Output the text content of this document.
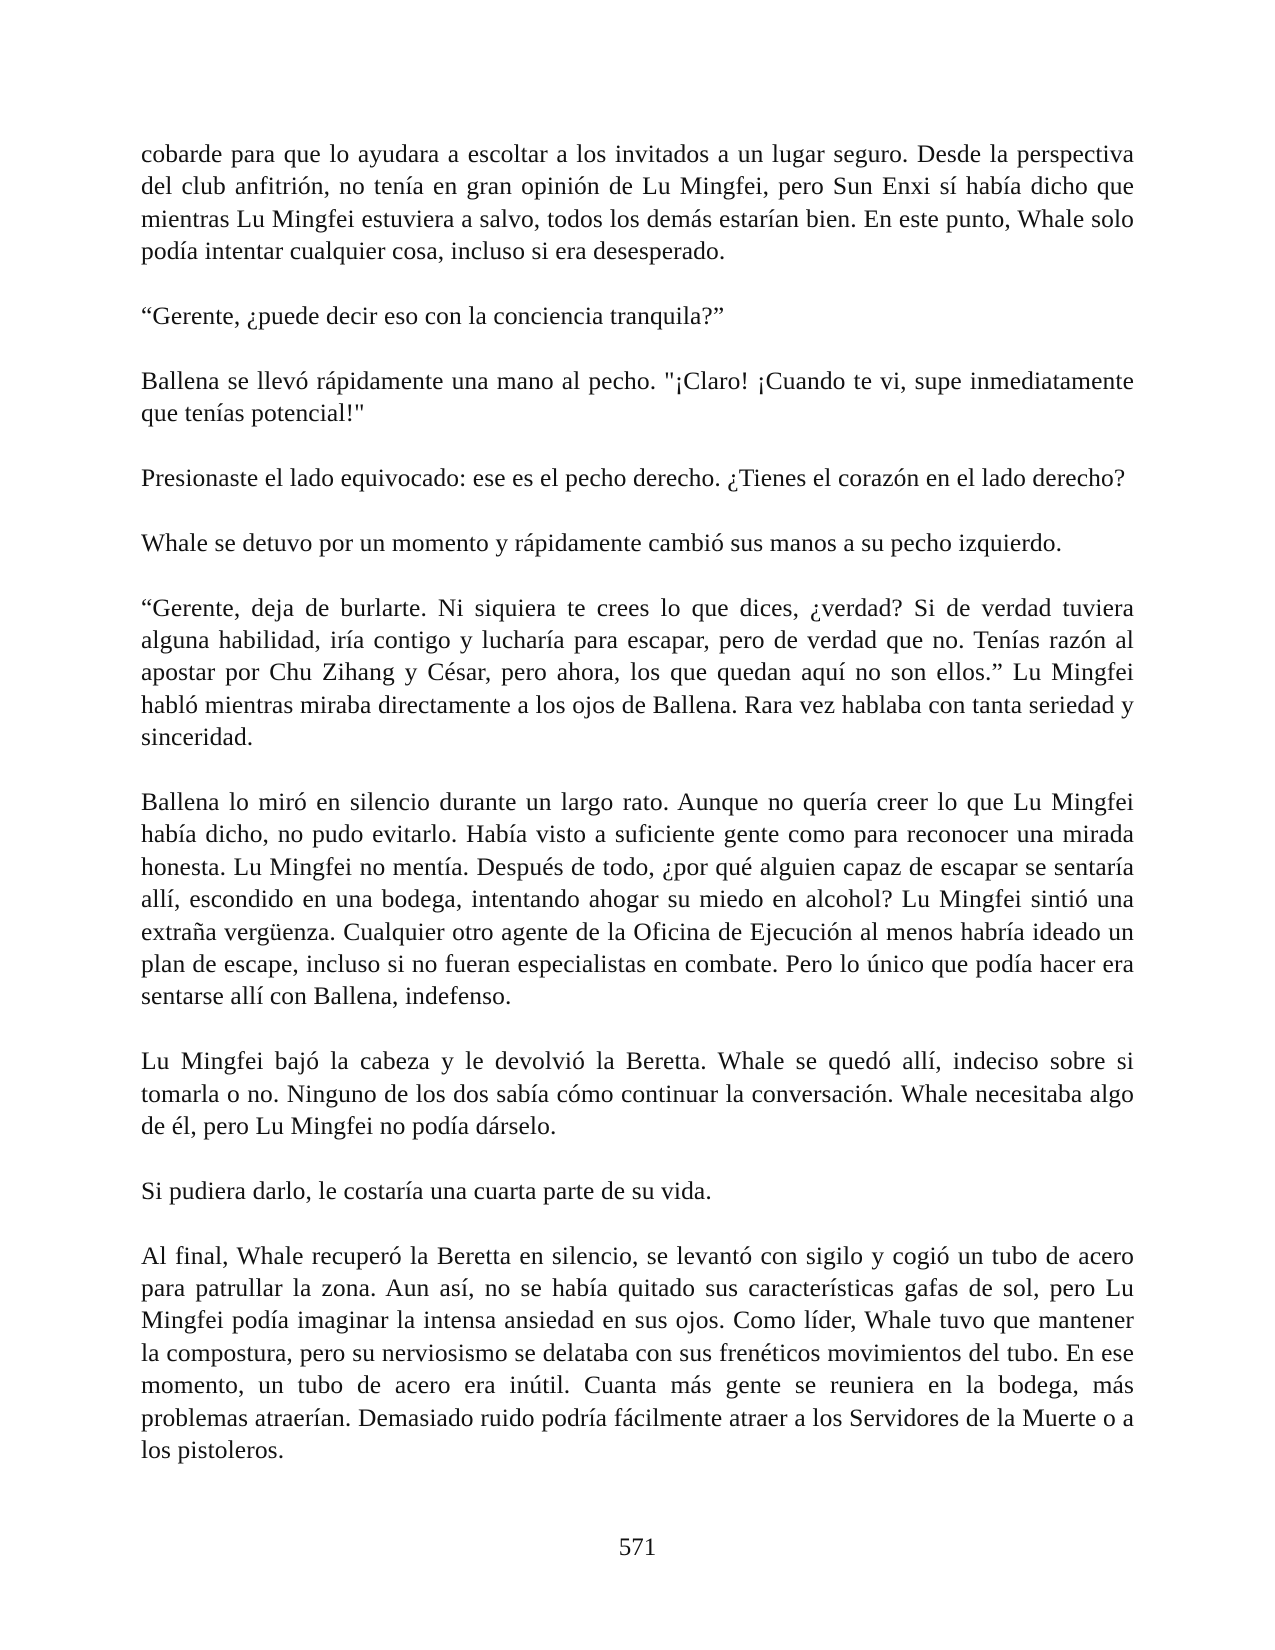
cobarde para que lo ayudara a escoltar a los invitados a un lugar seguro. Desde la perspectiva del club anfitrión, no tenía en gran opinión de Lu Mingfei, pero Sun Enxi sí había dicho que mientras Lu Mingfei estuviera a salvo, todos los demás estarían bien. En este punto, Whale solo podía intentar cualquier cosa, incluso si era desesperado.

“Gerente, ¿puede decir eso con la conciencia tranquila?”

Ballena se llevó rápidamente una mano al pecho. "¡Claro! ¡Cuando te vi, supe inmediatamente que tenías potencial!"

Presionaste el lado equivocado: ese es el pecho derecho. ¿Tienes el corazón en el lado derecho?

Whale se detuvo por un momento y rápidamente cambió sus manos a su pecho izquierdo.

“Gerente, deja de burlarte. Ni siquiera te crees lo que dices, ¿verdad? Si de verdad tuviera alguna habilidad, iría contigo y lucharía para escapar, pero de verdad que no. Tenías razón al apostar por Chu Zihang y César, pero ahora, los que quedan aquí no son ellos.” Lu Mingfei habló mientras miraba directamente a los ojos de Ballena. Rara vez hablaba con tanta seriedad y sinceridad.

Ballena lo miró en silencio durante un largo rato. Aunque no quería creer lo que Lu Mingfei había dicho, no pudo evitarlo. Había visto a suficiente gente como para reconocer una mirada honesta. Lu Mingfei no mentía. Después de todo, ¿por qué alguien capaz de escapar se sentaría allí, escondido en una bodega, intentando ahogar su miedo en alcohol? Lu Mingfei sintió una extraña vergüenza. Cualquier otro agente de la Oficina de Ejecución al menos habría ideado un plan de escape, incluso si no fueran especialistas en combate. Pero lo único que podía hacer era sentarse allí con Ballena, indefenso.

Lu Mingfei bajó la cabeza y le devolvió la Beretta. Whale se quedó allí, indeciso sobre si tomarla o no. Ninguno de los dos sabía cómo continuar la conversación. Whale necesitaba algo de él, pero Lu Mingfei no podía dárselo.

Si pudiera darlo, le costaría una cuarta parte de su vida.

Al final, Whale recuperó la Beretta en silencio, se levantó con sigilo y cogió un tubo de acero para patrullar la zona. Aun así, no se había quitado sus características gafas de sol, pero Lu Mingfei podía imaginar la intensa ansiedad en sus ojos. Como líder, Whale tuvo que mantener la compostura, pero su nerviosismo se delataba con sus frenéticos movimientos del tubo. En ese momento, un tubo de acero era inútil. Cuanta más gente se reuniera en la bodega, más problemas atraerían. Demasiado ruido podría fácilmente atraer a los Servidores de la Muerte o a los pistoleros.

571
